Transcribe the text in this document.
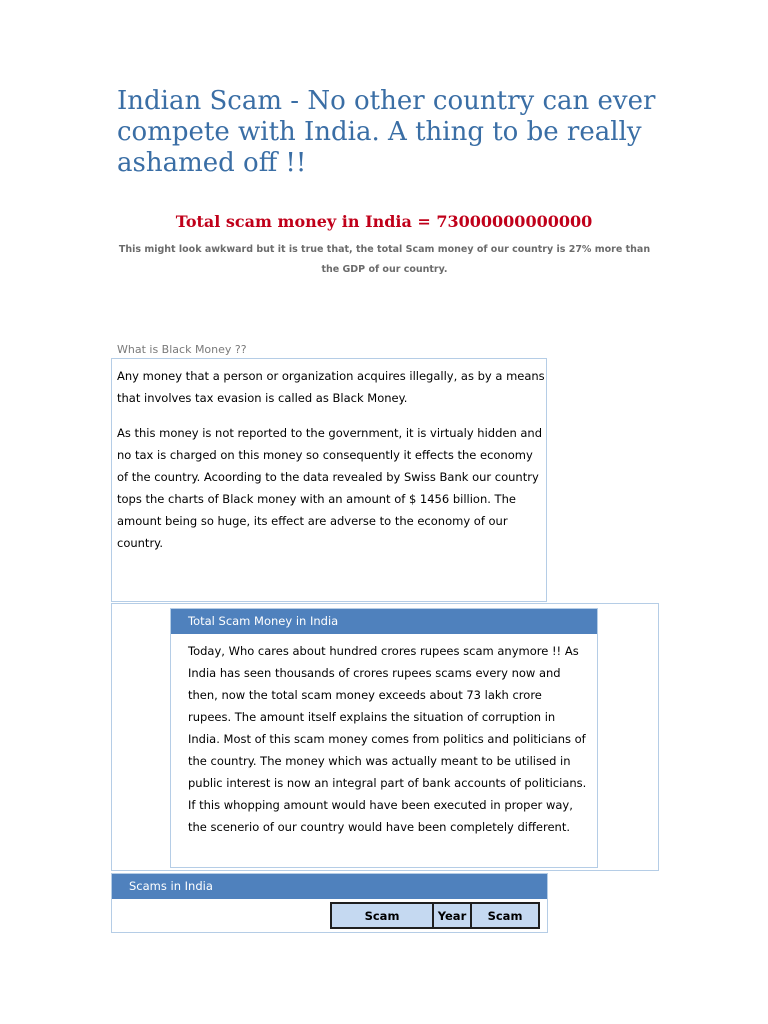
Indian Scam - No other country can ever compete with India. A thing to be really ashamed off !!

Total scam money in India = 73000000000000

This might look awkward but it is true that, the total Scam money of our country is 27% more than the GDP of our country.

What is Black Money ??

Any money that a person or organization acquires illegally, as by a means that involves tax evasion is called as Black Money.

As this money is not reported to the government, it is virtualy hidden and no tax is charged on this money so consequently it effects the economy of the country. Acoording to the data revealed by Swiss Bank our country tops the charts of Black money with an amount of $ 1456 billion. The amount being so huge, its effect are adverse to the economy of our country.

Total Scam Money in India
Today, Who cares about hundred crores rupees scam anymore !! As India has seen thousands of crores rupees scams every now and then, now the total scam money exceeds about 73 lakh crore rupees. The amount itself explains the situation of corruption in India. Most of this scam money comes from politics and politicians of the country. The money which was actually meant to be utilised in public interest is now an integral part of bank accounts of politicians. If this whopping amount would have been executed in proper way, the scenerio of our country would have been completely different.
Scams in India
Scam	Year	Scam
